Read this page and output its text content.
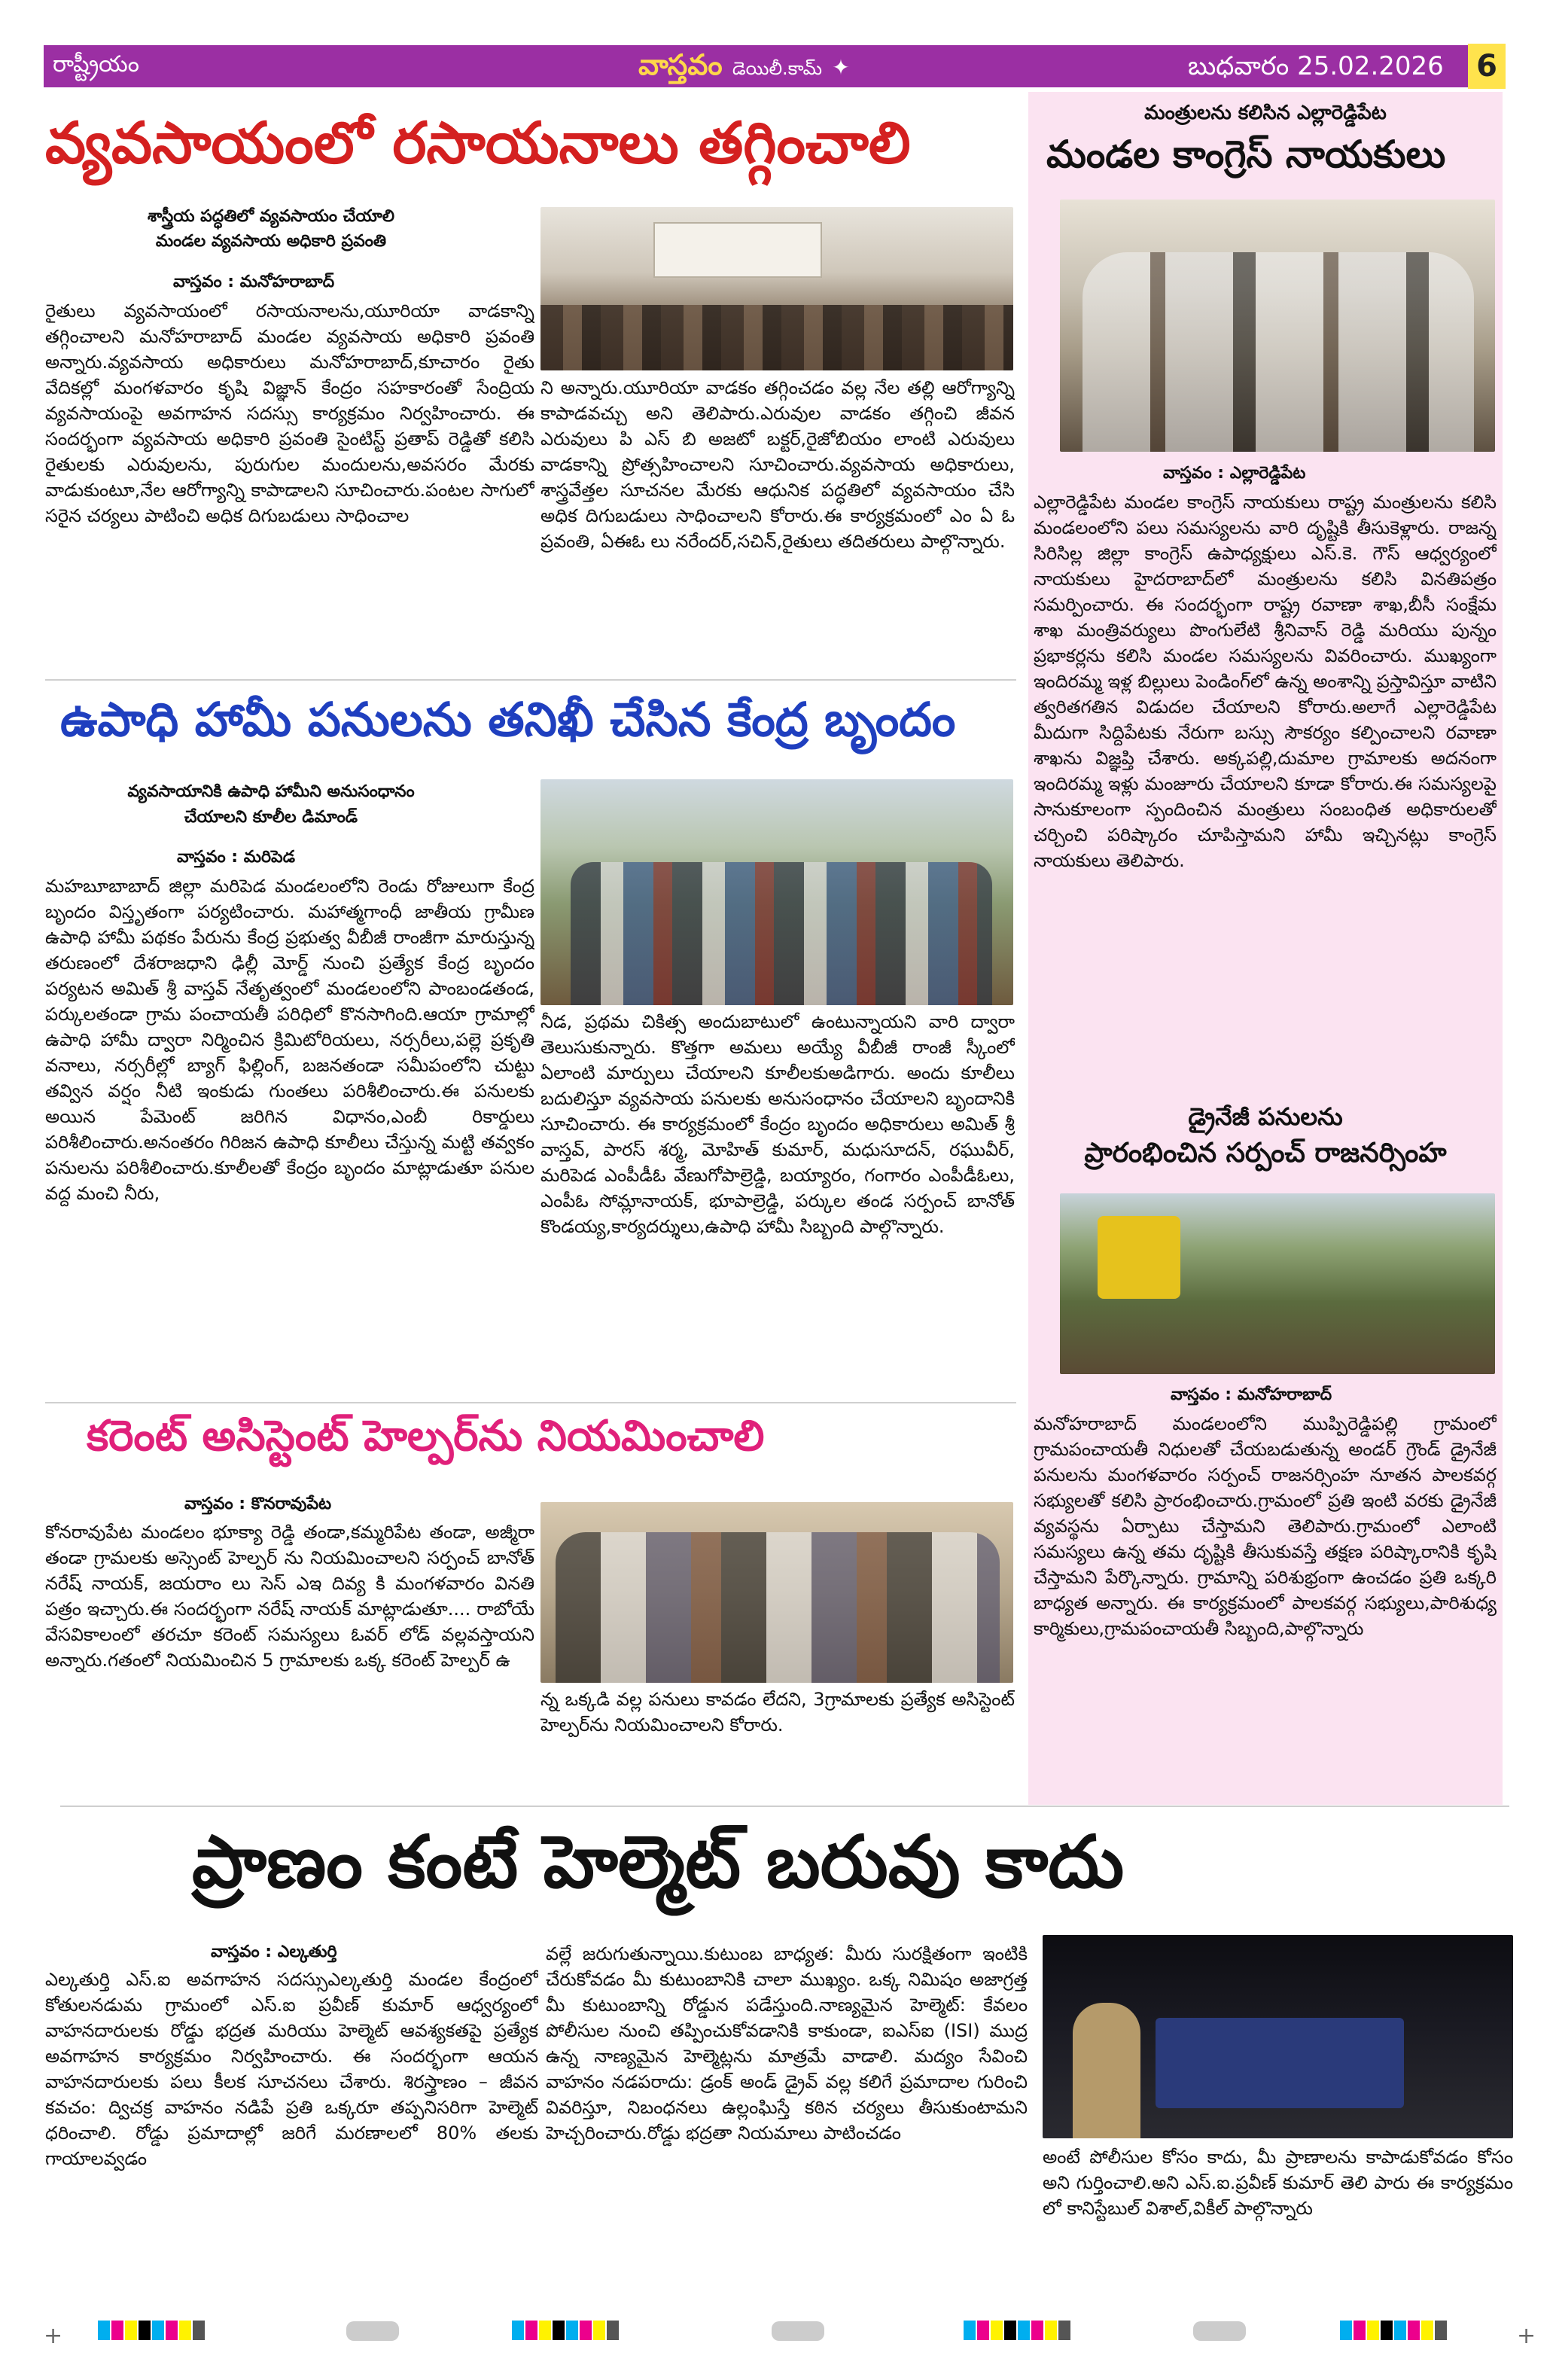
రాష్ట్రీయం	వాస్తవం డెయిలీ.కామ్ ✦	బుధవారం 25.02.2026 6
వ్యవసాయంలో రసాయనాలు తగ్గించాలి
శాస్త్రీయ పద్ధతిలో వ్యవసాయం చేయాలి
మండల వ్యవసాయ అధికారి ప్రవంతి
వాస్తవం : మనోహరాబాద్
రైతులు వ్యవసాయంలో రసాయనాలను,యూరియా వాడకాన్ని తగ్గించాలని మనోహరాబాద్ మండల వ్యవసాయ అధికారి ప్రవంతి అన్నారు.వ్యవసాయ అధికారులు మనోహరాబాద్,కూచారం రైతు వేదికల్లో మంగళవారం కృషి విజ్ఞాన్ కేంద్రం సహకారంతో సేంద్రియ వ్యవసాయంపై అవగాహన సదస్సు కార్యక్రమం నిర్వహించారు. ఈ సందర్భంగా వ్యవసాయ అధికారి ప్రవంతి సైంటిస్ట్ ప్రతాప్ రెడ్డితో కలిసి రైతులకు ఎరువులను, పురుగుల మందులను,అవసరం మేరకు వాడుకుంటూ,నేల ఆరోగ్యాన్ని కాపాడాలని సూచించారు.పంటల సాగులో సరైన చర్యలు పాటించి అధిక దిగుబడులు సాధించాల
ని అన్నారు.యూరియా వాడకం తగ్గించడం వల్ల నేల తల్లి ఆరోగ్యాన్ని కాపాడవచ్చు అని తెలిపారు.ఎరువుల వాడకం తగ్గించి జీవన ఎరువులు పి ఎస్ బి అజటో బక్టర్,రైజోబియం లాంటి ఎరువులు వాడకాన్ని ప్రోత్సహించాలని సూచించారు.వ్యవసాయ అధికారులు, శాస్త్రవేత్తల సూచనల మేరకు ఆధునిక పద్ధతిలో వ్యవసాయం చేసి అధిక దిగుబడులు సాధించాలని కోరారు.ఈ కార్యక్రమంలో ఎం ఏ ఓ ప్రవంతి, ఏఈఓ లు నరేందర్,సచిన్,రైతులు తదితరులు పాల్గొన్నారు.
ఉపాధి హామీ పనులను తనిఖీ చేసిన కేంద్ర బృందం
వ్యవసాయానికి ఉపాధి హామీని అనుసంధానం
చేయాలని కూలీల డిమాండ్
వాస్తవం : మరిపెడ
మహబూబాబాద్ జిల్లా మరిపెడ మండలంలోని రెండు రోజులుగా కేంద్ర బృందం విస్తృతంగా పర్యటించారు. మహాత్మగాంధీ జాతీయ గ్రామీణ ఉపాధి హామీ పథకం పేరును కేంద్ర ప్రభుత్వ వీబీజీ రాంజీగా మారుస్తున్న తరుణంలో దేశరాజధాని ఢిల్లీ మోర్డ్ నుంచి ప్రత్యేక కేంద్ర బృందం పర్యటన అమిత్ శ్రీ వాస్తవ్ నేతృత్వంలో మండలంలోని పాంబండతండ, పర్కులతండా గ్రామ పంచాయతీ పరిధిలో కొనసాగింది.ఆయా గ్రామాల్లో ఉపాధి హామీ ద్వారా నిర్మించిన క్రిమిటోరియలు, నర్సరీలు,పల్లె ప్రకృతి వనాలు, నర్సరీల్లో బ్యాగ్ ఫిల్లింగ్, బజనతండా సమీపంలోని చుట్టు తవ్విన వర్షం నీటి ఇంకుడు గుంతలు పరిశీలించారు.ఈ పనులకు అయిన పేమెంట్ జరిగిన విధానం,ఎంబీ రికార్డులు పరిశీలించారు.అనంతరం గిరిజన ఉపాధి కూలీలు చేస్తున్న మట్టి తవ్వకం పనులను పరిశీలించారు.కూలీలతో కేంద్రం బృందం మాట్లాడుతూ పనుల వద్ద మంచి నీరు,
నీడ, ప్రథమ చికిత్స అందుబాటులో ఉంటున్నాయని వారి ద్వారా తెలుసుకున్నారు. కొత్తగా అమలు అయ్యే వీబీజీ రాంజీ స్కీంలో ఏలాంటి మార్పులు చేయాలని కూలీలకుఅడిగారు. అందు కూలీలు బదులిస్తూ వ్యవసాయ పనులకు అనుసంధానం చేయాలని బృందానికి సూచించారు. ఈ కార్యక్రమంలో కేంద్రం బృందం అధికారులు అమిత్ శ్రీ వాస్తవ్, పారస్ శర్మ, మోహిత్ కుమార్, మధుసూదన్, రఘువీర్, మరిపెడ ఎంపీడీఓ వేణుగోపాల్రెడ్డి, బయ్యారం, గంగారం ఎంపీడీఓలు, ఎంపీఓ సోమ్లానాయక్, భూపాల్రెడ్డి, పర్కుల తండ సర్పంచ్ బానోత్ కొండయ్య,కార్యదర్శులు,ఉపాధి హామీ సిబ్బంది పాల్గొన్నారు.
కరెంట్ అసిస్టెంట్ హెల్పర్‌ను నియమించాలి
వాస్తవం : కొనరావుపేట
కోనరావుపేట మండలం భూక్యా రెడ్డి తండా,కమ్మరిపేట తండా, అజ్మీరా తండా గ్రామలకు అస్సెంట్ హెల్పర్ ను నియమించాలని సర్పంచ్ బానోత్ నరేష్ నాయక్, జయరాం లు సెస్ ఎఇ దివ్య కి మంగళవారం వినతి పత్రం ఇచ్చారు.ఈ సందర్భంగా నరేష్ నాయక్ మాట్లాడుతూ.... రాబోయే వేసవికాలంలో తరచూ కరెంట్ సమస్యలు ఓవర్ లోడ్ వల్లవస్తాయని అన్నారు.గతంలో నియమించిన 5 గ్రామాలకు ఒక్క కరెంట్ హెల్పర్ ఉ
న్న ఒక్కడి వల్ల పనులు కావడం లేదని, 3గ్రామాలకు ప్రత్యేక అసిస్టెంట్ హెల్పర్‌ను నియమించాలని కోరారు.
మంత్రులను కలిసిన ఎల్లారెడ్డిపేట
మండల కాంగ్రెస్ నాయకులు
వాస్తవం : ఎల్లారెడ్డిపేట
ఎల్లారెడ్డిపేట మండల కాంగ్రెస్ నాయకులు రాష్ట్ర మంత్రులను కలిసి మండలంలోని పలు సమస్యలను వారి దృష్టికి తీసుకెళ్లారు. రాజన్న సిరిసిల్ల జిల్లా కాంగ్రెస్ ఉపాధ్యక్షులు ఎస్.కె. గౌస్ ఆధ్వర్యంలో నాయకులు హైదరాబాద్‌లో మంత్రులను కలిసి వినతిపత్రం సమర్పించారు. ఈ సందర్భంగా రాష్ట్ర రవాణా శాఖ,బీసీ సంక్షేమ శాఖ మంత్రివర్యులు పొంగులేటి శ్రీనివాస్ రెడ్డి మరియు పున్నం ప్రభాకర్లను కలిసి మండల సమస్యలను వివరించారు. ముఖ్యంగా ఇందిరమ్మ ఇళ్ల బిల్లులు పెండింగ్‌లో ఉన్న అంశాన్ని ప్రస్తావిస్తూ వాటిని త్వరితగతిన విడుదల చేయాలని కోరారు.అలాగే ఎల్లారెడ్డిపేట మీదుగా సిద్దిపేటకు నేరుగా బస్సు సౌకర్యం కల్పించాలని రవాణా శాఖను విజ్ఞప్తి చేశారు. అక్కపల్లి,దుమాల గ్రామాలకు అదనంగా ఇందిరమ్మ ఇళ్లు మంజూరు చేయాలని కూడా కోరారు.ఈ సమస్యలపై సానుకూలంగా స్పందించిన మంత్రులు సంబంధిత అధికారులతో చర్చించి పరిష్కారం చూపిస్తామని హామీ ఇచ్చినట్లు కాంగ్రెస్ నాయకులు తెలిపారు.
డ్రైనేజీ పనులను
ప్రారంభించిన సర్పంచ్ రాజనర్సింహ
వాస్తవం : మనోహరాబాద్
మనోహరాబాద్ మండలంలోని ముప్పిరెడ్డిపల్లి గ్రామంలో గ్రామపంచాయతీ నిధులతో చేయబడుతున్న అండర్ గ్రౌండ్ డ్రైనేజీ పనులను మంగళవారం సర్పంచ్ రాజనర్సింహ నూతన పాలకవర్గ సభ్యులతో కలిసి ప్రారంభించారు.గ్రామంలో ప్రతి ఇంటి వరకు డ్రైనేజీ వ్యవస్థను ఏర్పాటు చేస్తామని తెలిపారు.గ్రామంలో ఎలాంటి సమస్యలు ఉన్న తమ దృష్టికి తీసుకువస్తే తక్షణ పరిష్కారానికి కృషి చేస్తామని పేర్కొన్నారు. గ్రామాన్ని పరిశుభ్రంగా ఉంచడం ప్రతి ఒక్కరి బాధ్యత అన్నారు. ఈ కార్యక్రమంలో పాలకవర్గ సభ్యులు,పారిశుధ్య కార్మికులు,గ్రామపంచాయతీ సిబ్బంది,పాల్గొన్నారు
ప్రాణం కంటే హెల్మెట్ బరువు కాదు
వాస్తవం : ఎల్కతుర్తి
ఎల్కతుర్తి ఎస్.ఐ అవగాహన సదస్సుఎల్కతుర్తి మండల కేంద్రంలో కోతులనడుమ గ్రామంలో ఎస్.ఐ ప్రవీణ్ కుమార్ ఆధ్వర్యంలో వాహనదారులకు రోడ్డు భద్రత మరియు హెల్మెట్ ఆవశ్యకతపై ప్రత్యేక అవగాహన కార్యక్రమం నిర్వహించారు. ఈ సందర్భంగా ఆయన వాహనదారులకు పలు కీలక సూచనలు చేశారు. శిరస్త్రాణం – జీవన కవచం: ద్విచక్ర వాహనం నడిపే ప్రతి ఒక్కరూ తప్పనిసరిగా హెల్మెట్ ధరించాలి. రోడ్డు ప్రమాదాల్లో జరిగే మరణాలలో 80% తలకు గాయాలవ్వడం
వల్లే జరుగుతున్నాయి.కుటుంబ బాధ్యత: మీరు సురక్షితంగా ఇంటికి చేరుకోవడం మీ కుటుంబానికి చాలా ముఖ్యం. ఒక్క నిమిషం అజాగ్రత్త మీ కుటుంబాన్ని రోడ్డున పడేస్తుంది.నాణ్యమైన హెల్మెట్: కేవలం పోలీసుల నుంచి తప్పించుకోవడానికి కాకుండా, ఐఎస్ఐ (ISI) ముద్ర ఉన్న నాణ్యమైన హెల్మెట్లను మాత్రమే వాడాలి. మద్యం సేవించి వాహనం నడపరాదు: డ్రంక్ అండ్ డ్రైవ్ వల్ల కలిగే ప్రమాదాల గురించి వివరిస్తూ, నిబంధనలు ఉల్లంఘిస్తే కఠిన చర్యలు తీసుకుంటామని హెచ్చరించారు.రోడ్డు భద్రతా నియమాలు పాటించడం
అంటే పోలీసుల కోసం కాదు, మీ ప్రాణాలను కాపాడుకోవడం కోసం అని గుర్తించాలి.అని ఎస్.ఐ.ప్రవీణ్ కుమార్ తెలి పారు ఈ కార్యక్రమం లో కానిస్టేబుల్ విశాల్,వికీల్ పాల్గొన్నారు
+	+
